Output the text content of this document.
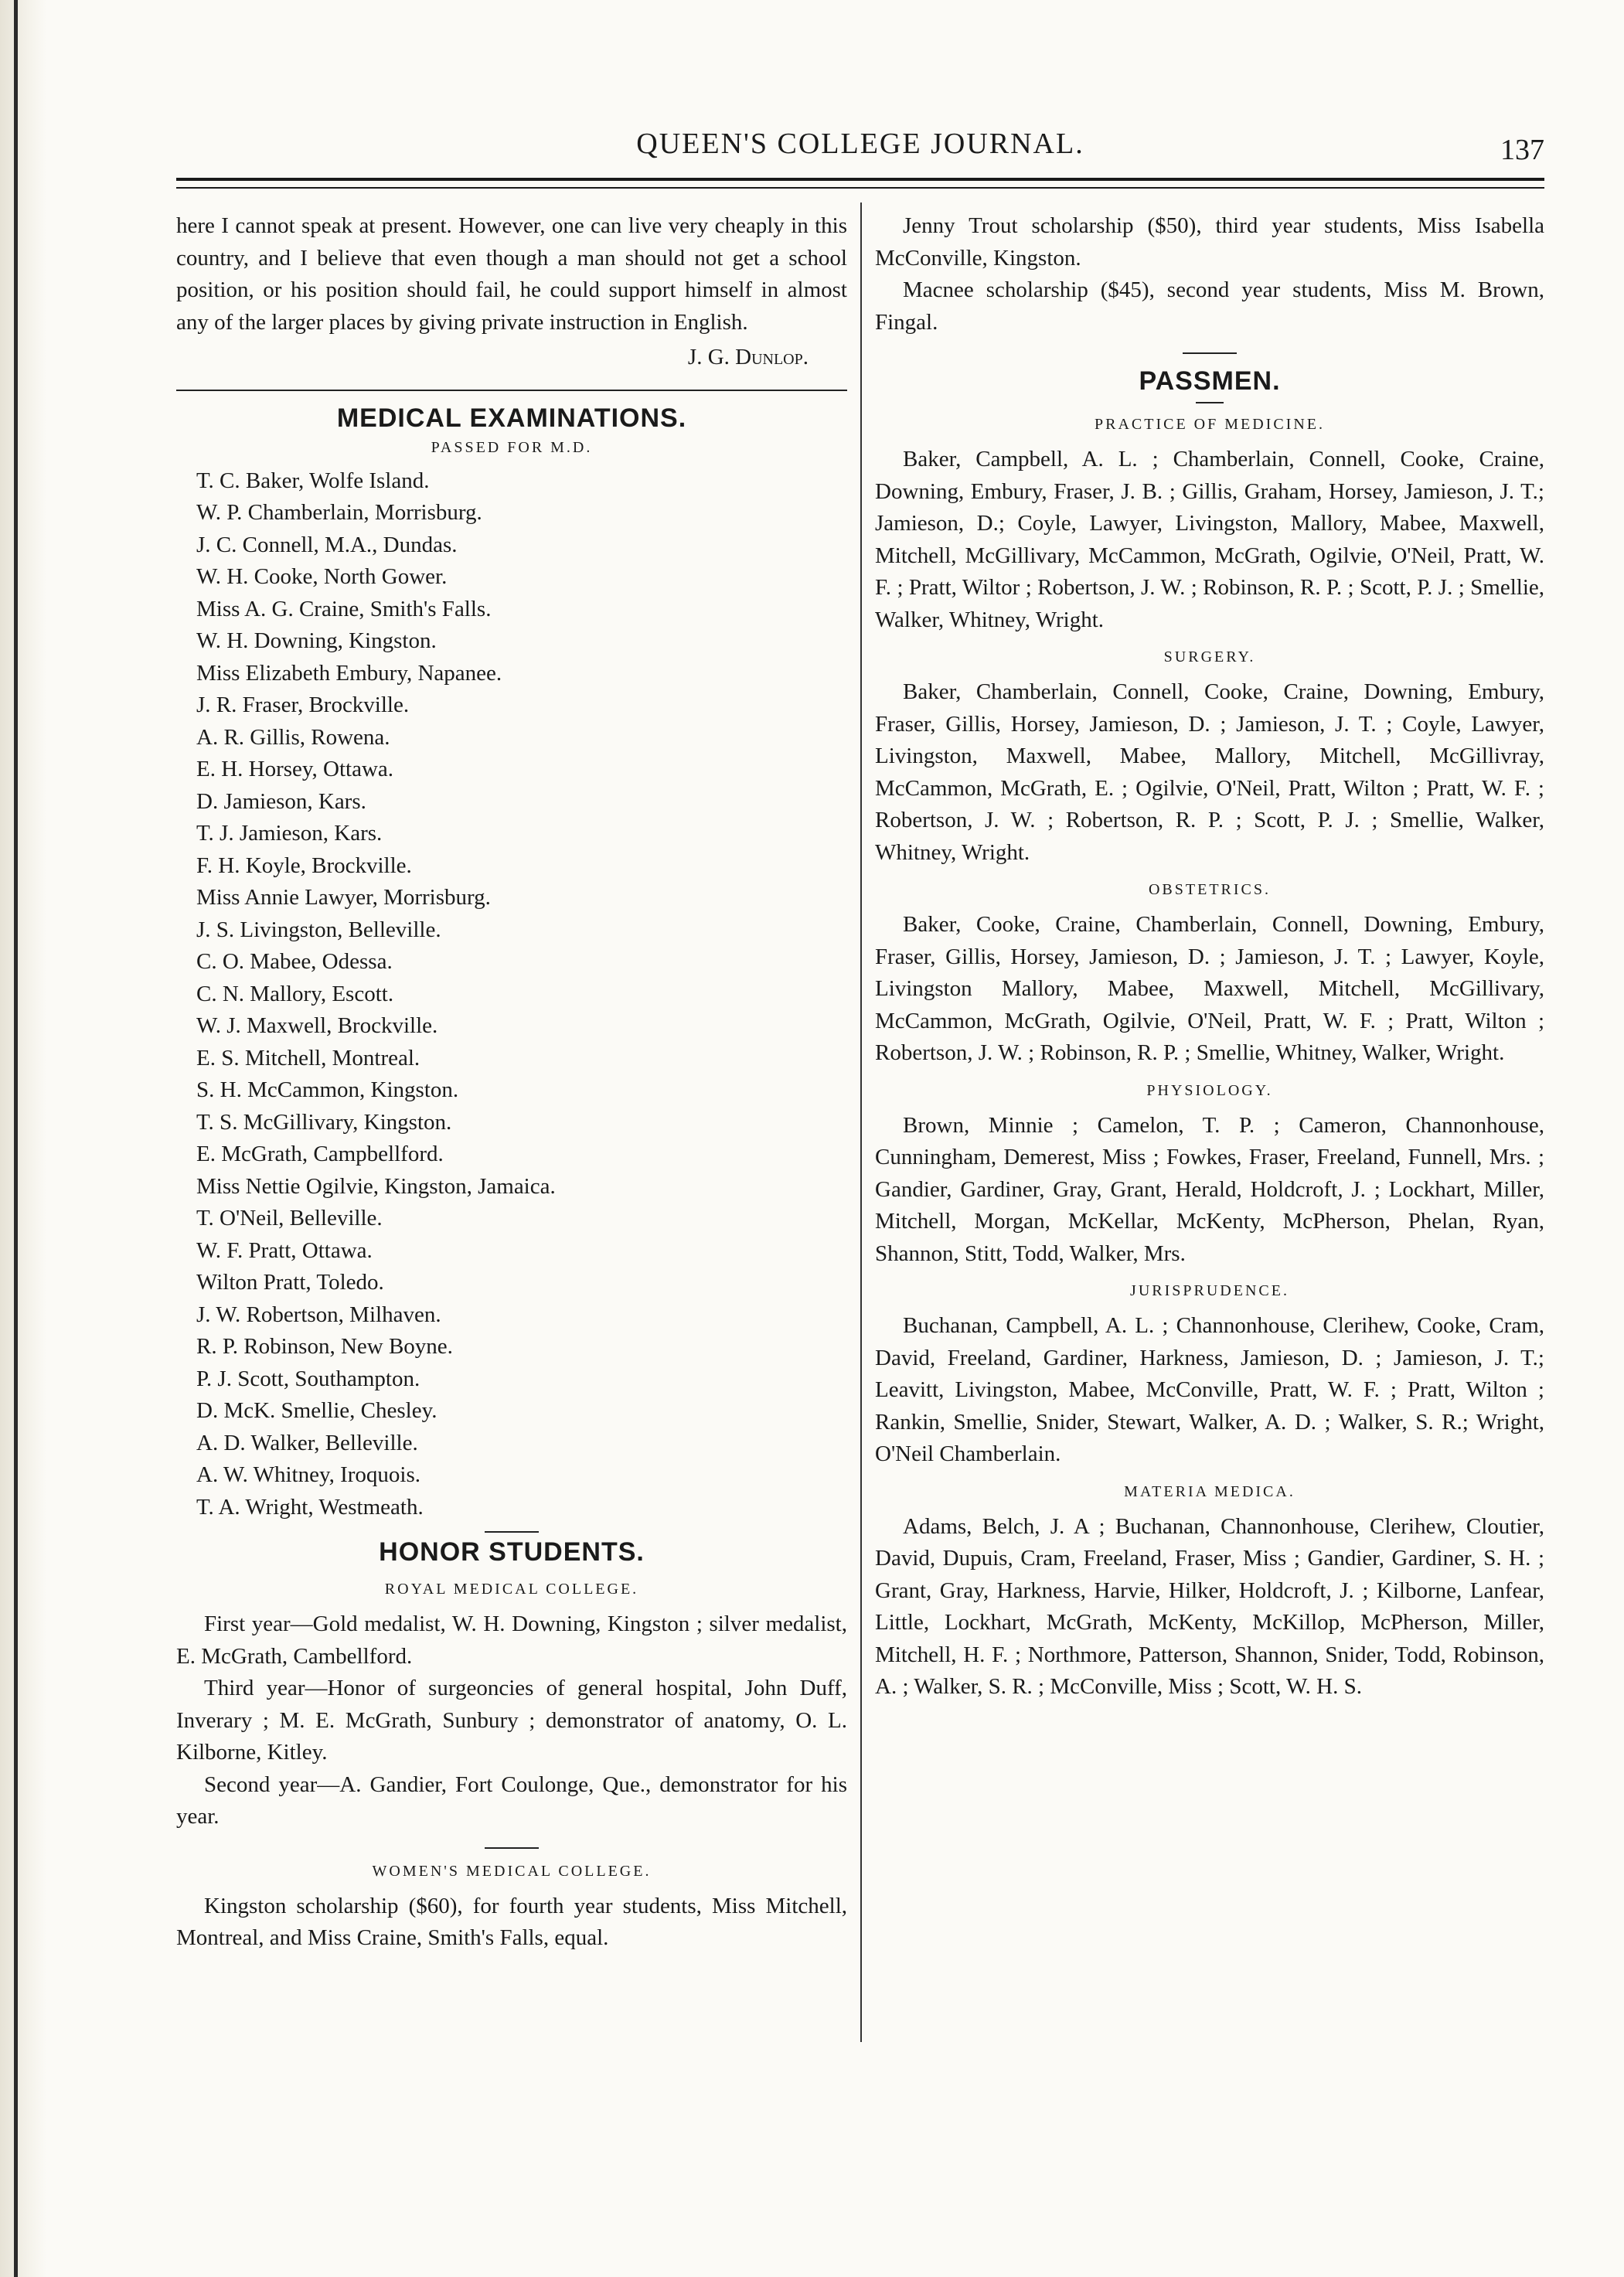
QUEEN'S COLLEGE JOURNAL.	137

here I cannot speak at present. However, one can live very cheaply in this country, and I believe that even though a man should not get a school position, or his position should fail, he could support himself in almost any of the larger places by giving private instruction in English.

J. G. Dunlop.

MEDICAL EXAMINATIONS.
PASSED FOR M.D.
T. C. Baker, Wolfe Island.
W. P. Chamberlain, Morrisburg.
J. C. Connell, M.A., Dundas.
W. H. Cooke, North Gower.
Miss A. G. Craine, Smith's Falls.
W. H. Downing, Kingston.
Miss Elizabeth Embury, Napanee.
J. R. Fraser, Brockville.
A. R. Gillis, Rowena.
E. H. Horsey, Ottawa.
D. Jamieson, Kars.
T. J. Jamieson, Kars.
F. H. Koyle, Brockville.
Miss Annie Lawyer, Morrisburg.
J. S. Livingston, Belleville.
C. O. Mabee, Odessa.
C. N. Mallory, Escott.
W. J. Maxwell, Brockville.
E. S. Mitchell, Montreal.
S. H. McCammon, Kingston.
T. S. McGillivary, Kingston.
E. McGrath, Campbellford.
Miss Nettie Ogilvie, Kingston, Jamaica.
T. O'Neil, Belleville.
W. F. Pratt, Ottawa.
Wilton Pratt, Toledo.
J. W. Robertson, Milhaven.
R. P. Robinson, New Boyne.
P. J. Scott, Southampton.
D. McK. Smellie, Chesley.
A. D. Walker, Belleville.
A. W. Whitney, Iroquois.
T. A. Wright, Westmeath.
HONOR STUDENTS.
ROYAL MEDICAL COLLEGE.

First year—Gold medalist, W. H. Downing, Kingston ; silver medalist, E. McGrath, Cambellford.

Third year—Honor of surgeoncies of general hospital, John Duff, Inverary ; M. E. McGrath, Sunbury ; demonstrator of anatomy, O. L. Kilborne, Kitley.

Second year—A. Gandier, Fort Coulonge, Que., demonstrator for his year.

WOMEN'S MEDICAL COLLEGE.

Kingston scholarship ($60), for fourth year students, Miss Mitchell, Montreal, and Miss Craine, Smith's Falls, equal.

Jenny Trout scholarship ($50), third year students, Miss Isabella McConville, Kingston.

Macnee scholarship ($45), second year students, Miss M. Brown, Fingal.

PASSMEN.
PRACTICE OF MEDICINE.

Baker, Campbell, A. L. ; Chamberlain, Connell, Cooke, Craine, Downing, Embury, Fraser, J. B. ; Gillis, Graham, Horsey, Jamieson, J. T.; Jamieson, D.; Coyle, Lawyer, Livingston, Mallory, Mabee, Maxwell, Mitchell, McGillivary, McCammon, McGrath, Ogilvie, O'Neil, Pratt, W. F. ; Pratt, Wiltor ; Robertson, J. W. ; Robinson, R. P. ; Scott, P. J. ; Smellie, Walker, Whitney, Wright.

SURGERY.

Baker, Chamberlain, Connell, Cooke, Craine, Downing, Embury, Fraser, Gillis, Horsey, Jamieson, D. ; Jamieson, J. T. ; Coyle, Lawyer, Livingston, Maxwell, Mabee, Mallory, Mitchell, McGillivray, McCammon, McGrath, E. ; Ogilvie, O'Neil, Pratt, Wilton ; Pratt, W. F. ; Robertson, J. W. ; Robertson, R. P. ; Scott, P. J. ; Smellie, Walker, Whitney, Wright.

OBSTETRICS.

Baker, Cooke, Craine, Chamberlain, Connell, Downing, Embury, Fraser, Gillis, Horsey, Jamieson, D. ; Jamieson, J. T. ; Lawyer, Koyle, Livingston Mallory, Mabee, Maxwell, Mitchell, McGillivary, McCammon, McGrath, Ogilvie, O'Neil, Pratt, W. F. ; Pratt, Wilton ; Robertson, J. W. ; Robinson, R. P. ; Smellie, Whitney, Walker, Wright.

PHYSIOLOGY.

Brown, Minnie ; Camelon, T. P. ; Cameron, Channonhouse, Cunningham, Demerest, Miss ; Fowkes, Fraser, Freeland, Funnell, Mrs. ; Gandier, Gardiner, Gray, Grant, Herald, Holdcroft, J. ; Lockhart, Miller, Mitchell, Morgan, McKellar, McKenty, McPherson, Phelan, Ryan, Shannon, Stitt, Todd, Walker, Mrs.

JURISPRUDENCE.

Buchanan, Campbell, A. L. ; Channonhouse, Clerihew, Cooke, Cram, David, Freeland, Gardiner, Harkness, Jamieson, D. ; Jamieson, J. T.; Leavitt, Livingston, Mabee, McConville, Pratt, W. F. ; Pratt, Wilton ; Rankin, Smellie, Snider, Stewart, Walker, A. D. ; Walker, S. R.; Wright, O'Neil Chamberlain.

MATERIA MEDICA.

Adams, Belch, J. A ; Buchanan, Channonhouse, Clerihew, Cloutier, David, Dupuis, Cram, Freeland, Fraser, Miss ; Gandier, Gardiner, S. H. ; Grant, Gray, Harkness, Harvie, Hilker, Holdcroft, J. ; Kilborne, Lanfear, Little, Lockhart, McGrath, McKenty, McKillop, McPherson, Miller, Mitchell, H. F. ; Northmore, Patterson, Shannon, Snider, Todd, Robinson, A. ; Walker, S. R. ; McConville, Miss ; Scott, W. H. S.
